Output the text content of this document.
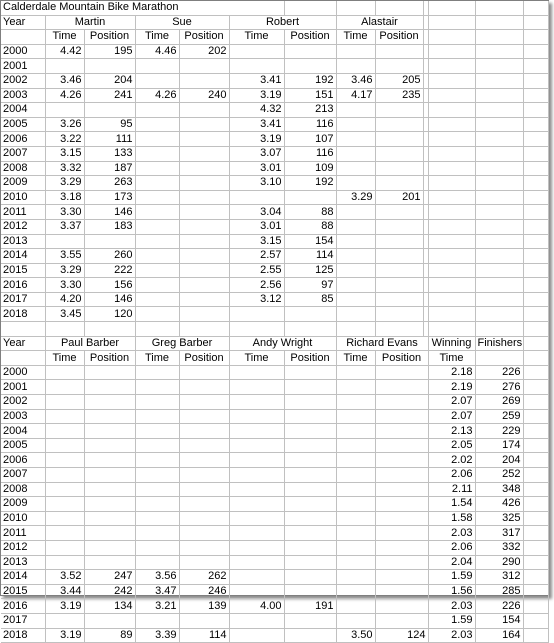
Calderdale Mountain Bike Marathon												
Year	Martin		Sue		Robert		Alastair					
	Time	Position	Time	Position	Time	Position	Time	Position				
2000	4.42	195	4.46	202								
2001												
2002	3.46	204			3.41	192	3.46	205				
2003	4.26	241	4.26	240	3.19	151	4.17	235				
2004					4.32	213						
2005	3.26	95			3.41	116						
2006	3.22	111			3.19	107						
2007	3.15	133			3.07	116						
2008	3.32	187			3.01	109						
2009	3.29	263			3.10	192						
2010	3.18	173					3.29	201				
2011	3.30	146			3.04	88						
2012	3.37	183			3.01	88						
2013					3.15	154						
2014	3.55	260			2.57	114						
2015	3.29	222			2.55	125						
2016	3.30	156			2.56	97						
2017	4.20	146			3.12	85						
2018	3.45	120										

Year	Paul Barber		Greg Barber		Andy Wright		Richard Evans			Winning	Finishers	
	Time	Position	Time	Position	Time	Position	Time	Position		Time		
2000										2.18	226	
2001										2.19	276	
2002										2.07	269	
2003										2.07	259	
2004										2.13	229	
2005										2.05	174	
2006										2.02	204	
2007										2.06	252	
2008										2.11	348	
2009										1.54	426	
2010										1.58	325	
2011										2.03	317	
2012										2.06	332	
2013										2.04	290	
2014	3.52	247	3.56	262						1.59	312	
2015	3.44	242	3.47	246						1.56	285	
2016	3.19	134	3.21	139	4.00	191				2.03	226	
2017										1.59	154	
2018	3.19	89	3.39	114			3.50	124		2.03	164	
